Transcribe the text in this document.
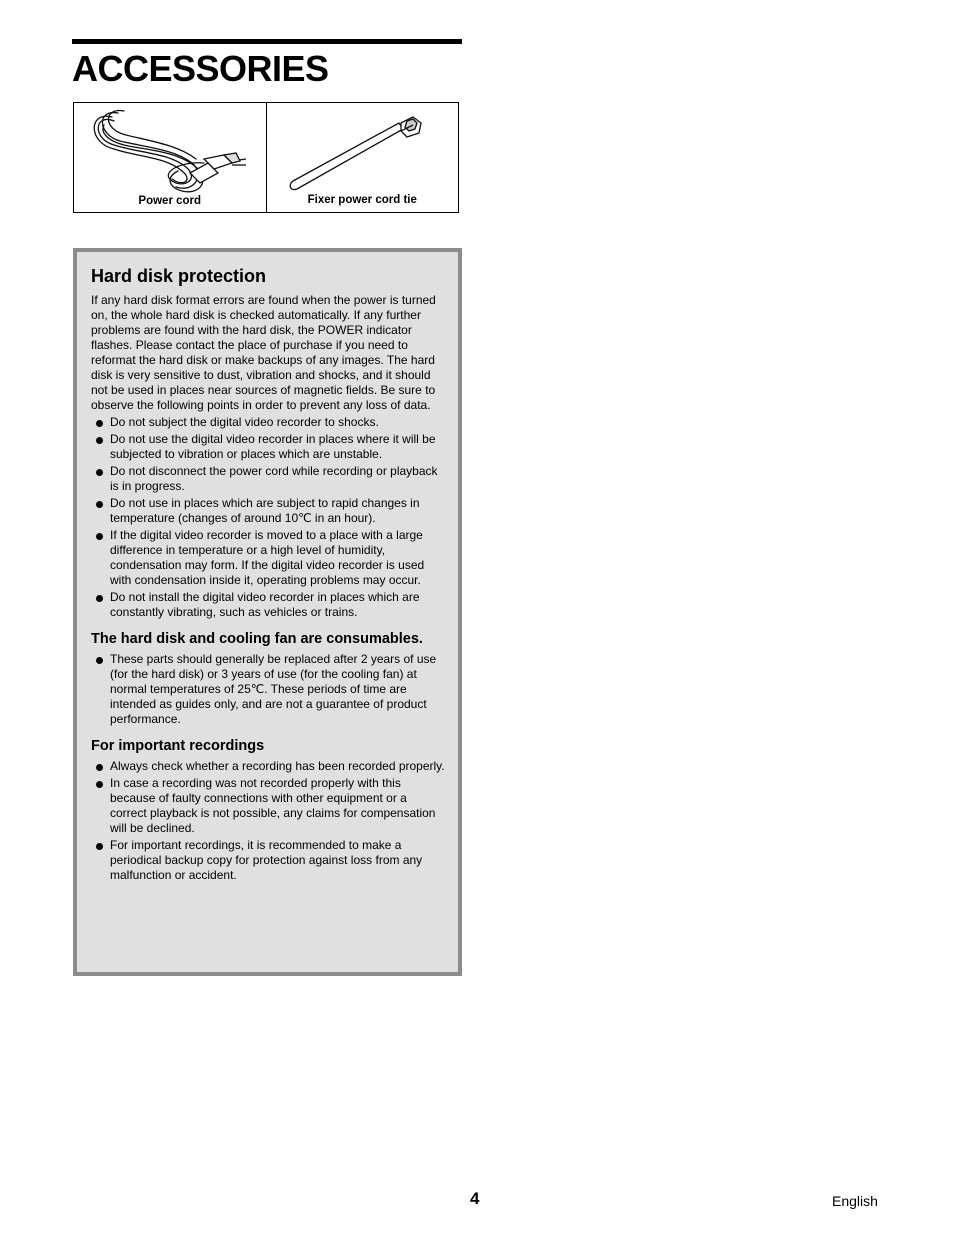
ACCESSORIES
Power cord	Fixer power cord tie
Hard disk protection

If any hard disk format errors are found when the power is turned on, the whole hard disk is checked automatically. If any further problems are found with the hard disk, the POWER indicator flashes. Please contact the place of purchase if you need to reformat the hard disk or make backups of any images. The hard disk is very sensitive to dust, vibration and shocks, and it should not be used in places near sources of magnetic fields. Be sure to observe the following points in order to prevent any loss of data.

Do not subject the digital video recorder to shocks.
Do not use the digital video recorder in places where it will be subjected to vibration or places which are unstable.
Do not disconnect the power cord while recording or playback is in progress.
Do not use in places which are subject to rapid changes in temperature (changes of around 10℃ in an hour).
If the digital video recorder is moved to a place with a large difference in temperature or a high level of humidity, condensation may form. If the digital video recorder is used with condensation inside it, operating problems may occur.
Do not install the digital video recorder in places which are constantly vibrating, such as vehicles or trains.
The hard disk and cooling fan are consumables.
These parts should generally be replaced after 2 years of use (for the hard disk) or 3 years of use (for the cooling fan) at normal temperatures of 25℃. These periods of time are intended as guides only, and are not a guarantee of product performance.
For important recordings
Always check whether a recording has been recorded properly.
In case a recording was not recorded properly with this because of faulty connections with other equipment or a correct playback is not possible, any claims for compensation will be declined.
For important recordings, it is recommended to make a periodical backup copy for protection against loss from any malfunction or accident.
4	English
